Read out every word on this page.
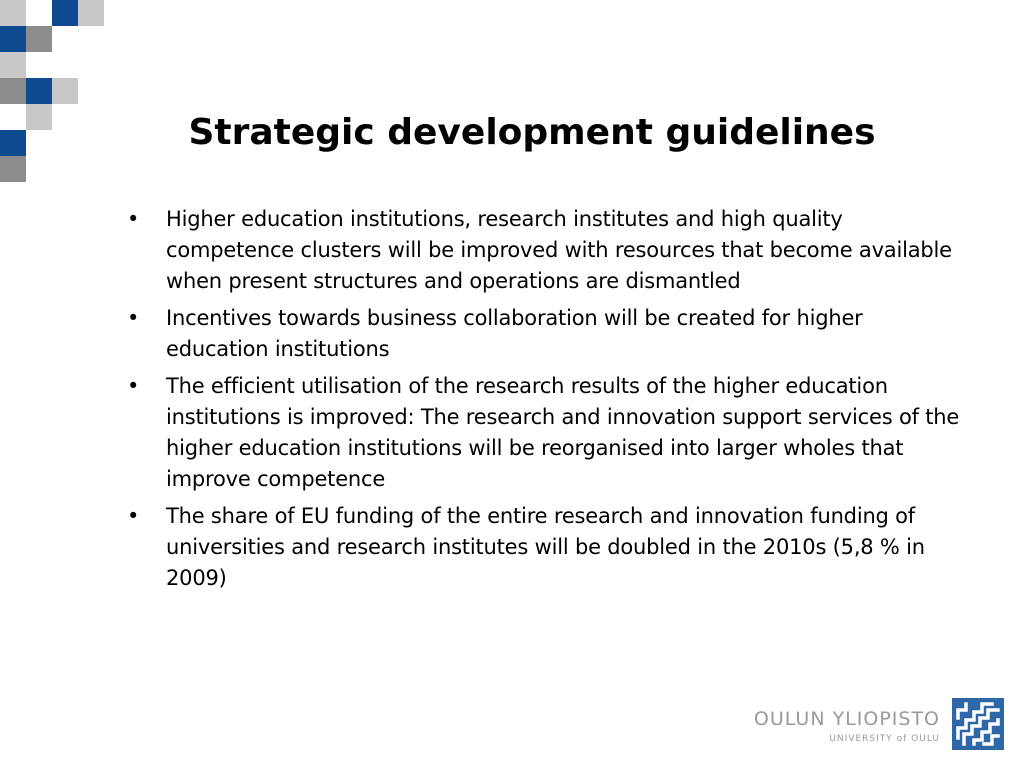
Strategic development guidelines
• Higher education institutions, research institutes and high quality competence clusters will be improved with resources that become available when present structures and operations are dismantled
• Incentives towards business collaboration will be created for higher education institutions
• The efficient utilisation of the research results of the higher education institutions is improved: The research and innovation support services of the higher education institutions will be reorganised into larger wholes that improve competence
• The share of EU funding of the entire research and innovation funding of universities and research institutes will be doubled in the 2010s (5,8 % in 2009)
OULUN YLIOPISTO
UNIVERSITY of OULU
